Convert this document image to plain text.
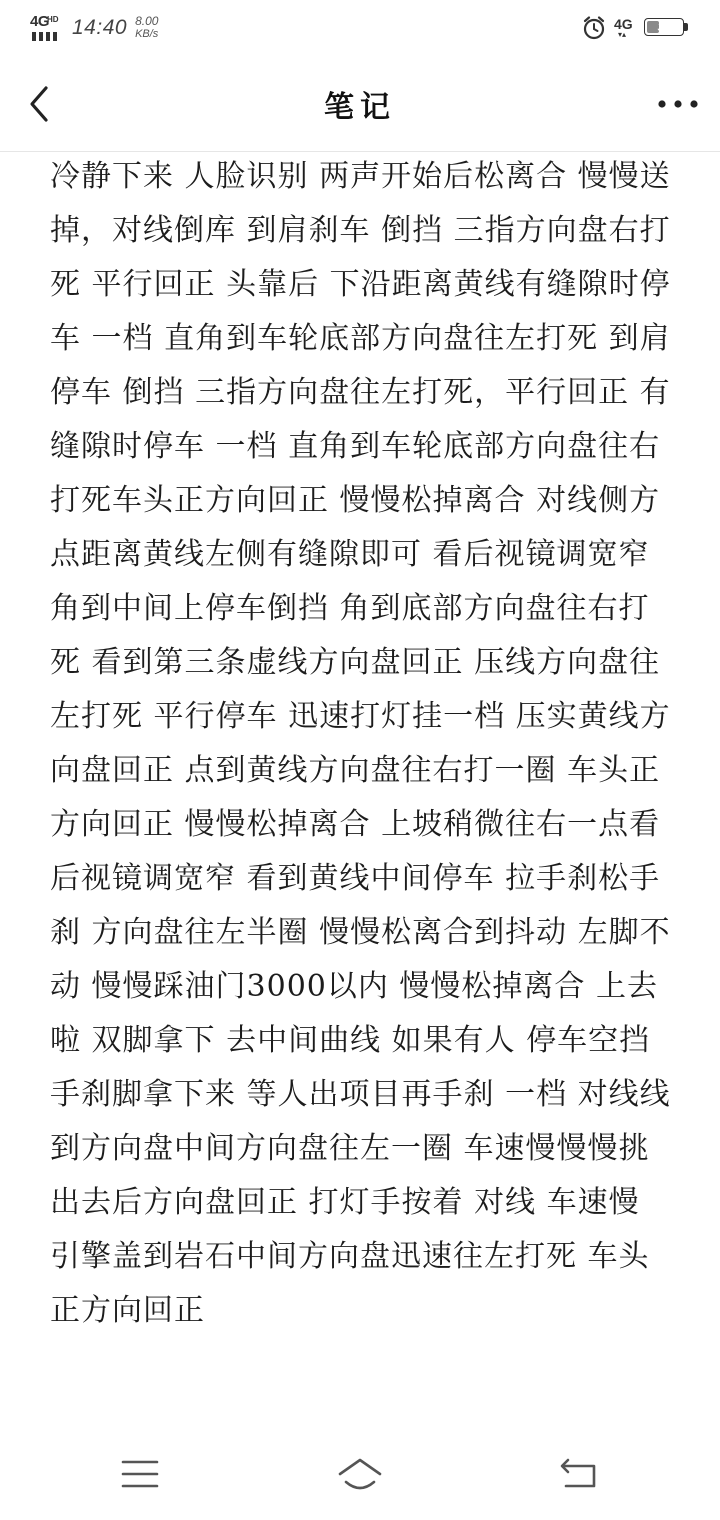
4G
HD 14:40 8.00
KB/s
4G
▾▴
35
笔记
冷静下来 人脸识别 两声开始后松离合 慢慢送掉，对线倒库 到肩刹车 倒挡 三指方向盘右打死 平行回正 头靠后 下沿距离黄线有缝隙时停车 一档 直角到车轮底部方向盘往左打死 到肩停车 倒挡 三指方向盘往左打死，平行回正 有缝隙时停车 一档 直角到车轮底部方向盘往右打死车头正方向回正 慢慢松掉离合 对线侧方 点距离黄线左侧有缝隙即可 看后视镜调宽窄 角到中间上停车倒挡 角到底部方向盘往右打死 看到第三条虚线方向盘回正 压线方向盘往左打死 平行停车 迅速打灯挂一档 压实黄线方向盘回正 点到黄线方向盘往右打一圈 车头正方向回正 慢慢松掉离合 上坡稍微往右一点看后视镜调宽窄 看到黄线中间停车 拉手刹松手刹 方向盘往左半圈 慢慢松离合到抖动 左脚不动 慢慢踩油门3000以内 慢慢松掉离合 上去啦 双脚拿下 去中间曲线 如果有人 停车空挡手刹脚拿下来 等人出项目再手刹 一档 对线线到方向盘中间方向盘往左一圈 车速慢慢慢挑 出去后方向盘回正 打灯手按着 对线 车速慢 引擎盖到岩石中间方向盘迅速往左打死 车头正方向回正
